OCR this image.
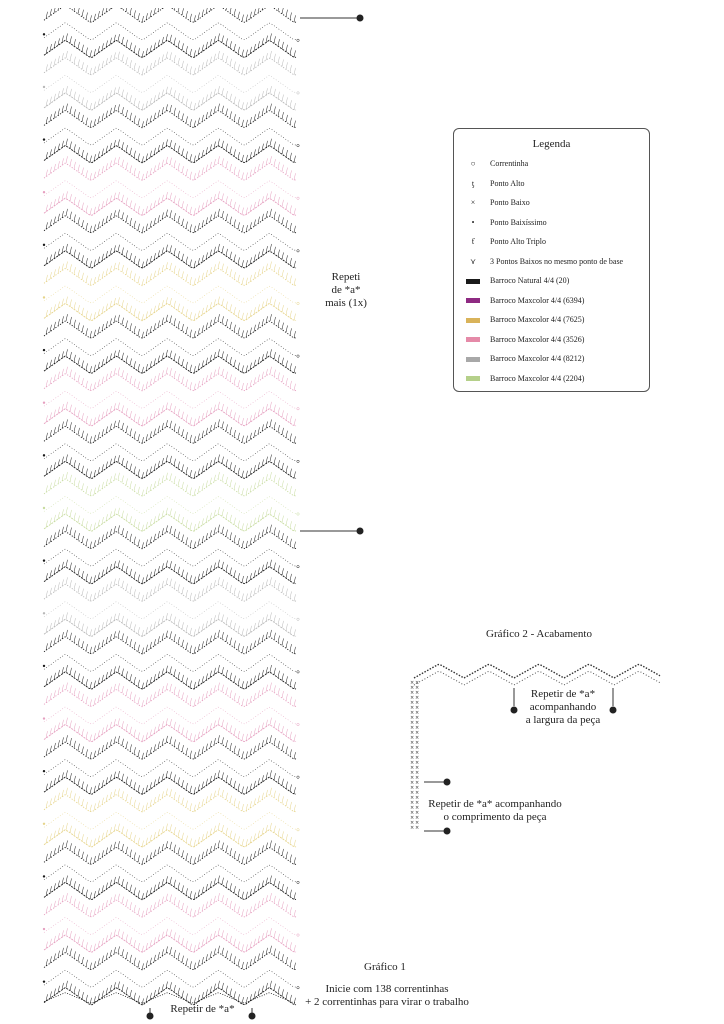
× ×
× ×
× ×
× ×
× ×
× ×
× ×
× ×
× ×
× ×
× ×
× ×
× ×
× ×
× ×
× ×
× ×
× ×
× ×
× ×
× ×
× ×
× ×
× ×
× ×
× ×
× ×
× ×
× ×
× ×
Repeti
de *a*
mais (1x)
Legenda
○ Correntinha
ƫ Ponto Alto
× Ponto Baixo
• Ponto Baixíssimo
ƭ Ponto Alto Triplo
⋎ 3 Pontos Baixos no mesmo ponto de base
Barroco Natural 4/4 (20)
Barroco Maxcolor 4/4 (6394)
Barroco Maxcolor 4/4 (7625)
Barroco Maxcolor 4/4 (3526)
Barroco Maxcolor 4/4 (8212)
Barroco Maxcolor 4/4 (2204)
Gráfico 2 - Acabamento
Repetir de *a*
acompanhando
a largura da peça
Repetir de *a* acompanhando
o comprimento da peça
Gráfico 1
Inicie com 138 correntinhas
+ 2 correntinhas para virar o trabalho
Repetir de *a*
